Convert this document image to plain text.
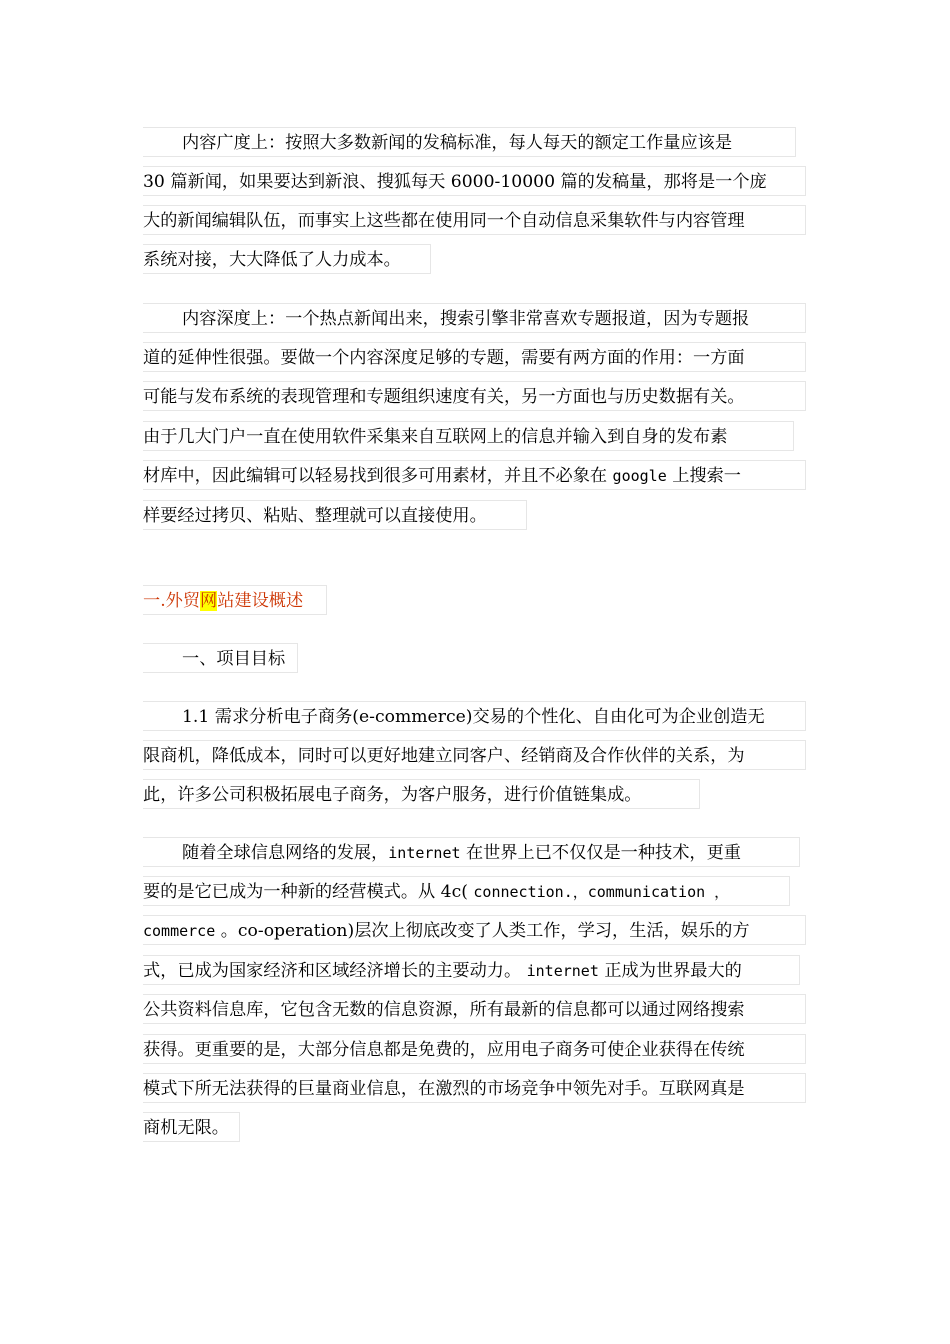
内容广度上：按照大多数新闻的发稿标准，每人每天的额定工作量应该是
30 篇新闻，如果要达到新浪、搜狐每天 6000-10000 篇的发稿量，那将是一个庞
大的新闻编辑队伍，而事实上这些都在使用同一个自动信息采集软件与内容管理
系统对接，大大降低了人力成本。
内容深度上：一个热点新闻出来，搜索引擎非常喜欢专题报道，因为专题报
道的延伸性很强。要做一个内容深度足够的专题，需要有两方面的作用：一方面
可能与发布系统的表现管理和专题组织速度有关，另一方面也与历史数据有关。
由于几大门户一直在使用软件采集来自互联网上的信息并输入到自身的发布素
材库中，因此编辑可以轻易找到很多可用素材，并且不必象在 google 上搜索一
样要经过拷贝、粘贴、整理就可以直接使用。
一.外贸网站建设概述
一、项目目标
1.1 需求分析电子商务(e-commerce)交易的个性化、自由化可为企业创造无
限商机，降低成本，同时可以更好地建立同客户、经销商及合作伙伴的关系，为
此，许多公司积极拓展电子商务，为客户服务，进行价值链集成。
随着全球信息网络的发展，internet 在世界上已不仅仅是一种技术，更重
要的是它已成为一种新的经营模式。从 4c( connection.，communication ，
commerce 。co-operation)层次上彻底改变了人类工作，学习，生活，娱乐的方
式，已成为国家经济和区域经济增长的主要动力。 internet 正成为世界最大的
公共资料信息库，它包含无数的信息资源，所有最新的信息都可以通过网络搜索
获得。更重要的是，大部分信息都是免费的，应用电子商务可使企业获得在传统
模式下所无法获得的巨量商业信息，在激烈的市场竞争中领先对手。互联网真是
商机无限。
